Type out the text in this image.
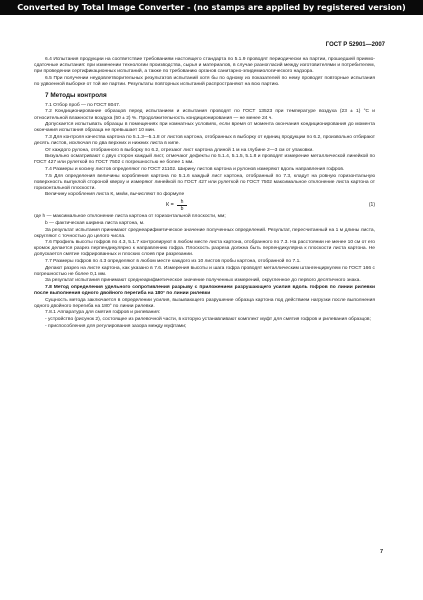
Converted by Total Image Converter - (no stamps are applied by registered version)
ГОСТ Р 52901—2007

6.4 Испытания продукции на соответствие требованиям настоящего стандарта по 5.1.9 проводят периодически на партии, прошедшей приемо-сдаточные испытания: при изменении технологии производства, сырья и материалов, в случае разногласий между изготовителями и потребителем, при проведении сертификационных испытаний, а также по требованию органов санитарно-эпидемиологического надзора.

6.5 При получении неудовлетворительных результатов испытаний хотя бы по одному из показателей по нему проводят повторные испытания по удвоенной выборке от той же партии. Результаты повторных испытаний распространяют на всю партию.

7 Методы контроля

7.1 Отбор проб — по ГОСТ 8047.

7.2 Кондиционирование образцов перед испытанием и испытания проводят по ГОСТ 13523 при температуре воздуха (23 ± 1) °С и относительной влажности воздуха (50 ± 2) %. Продолжительность кондиционирования — не менее 24 ч.

Допускается испытывать образцы в помещениях при комнатных условиях, если время от момента окончания кондиционирования до момента окончания испытания образца не превышает 10 мин.

7.3 Для контроля качества картона по 5.1.3—5.1.8 от листов картона, отобранных в выборку от единиц продукции по 6.2, произвольно отбирают десять листов, исключая по два верхних и нижних листа в кипе.

От каждого рулона, отобранного в выборку по 6.2, отрезают лист картона длиной 1 м на глубине 2—3 см от упаковки.

Визуально осматривают с двух сторон каждый лист, отмечают дефекты по 5.1.4, 5.1.5, 5.1.8 и проводят измерение металлической линейкой по ГОСТ 427 или рулеткой по ГОСТ 7502 с погрешностью не более 1 мм.

7.4 Размеры и косину листов определяют по ГОСТ 21102. Ширину листов картона и рулонов измеряют вдоль направления гофров.

7.5 Для определения величины коробления картона по 5.1.6 каждый лист картона, отобранный по 7.3, кладут на ровную горизонтальную поверхность выпуклой стороной кверху и измеряют линейкой по ГОСТ 427 или рулеткой по ГОСТ 7502 максимальное отклонение листа картона от горизонтальной плоскости.

Величину коробления листа К, мм/м, вычисляют по формуле

$К = \frac{h}{b}$	(1)

где h — максимальное отклонение листа картона от горизонтальной плоскости, мм;

b — фактическая ширина листа картона, м.

За результат испытания принимают среднеарифметическое значение полученных определений. Результат, пересчитанный на 1 м длины листа, округляют с точностью до целого числа.

7.6 Профиль высоты гофров по 4.3, 5.1.7 контролируют в любом месте листа картона, отобранного по 7.3. На расстоянии не менее 10 см от его кромок делается разрез перпендикулярно к направлению гофра. Плоскость разреза должна быть перпендикулярна к плоскости листа картона. Не допускается смятие гофрированных и плоских слоев при разрезании.

7.7 Размеры гофров по 4.3 определяют в любом месте каждого из 10 листов пробы картона, отобранной по 7.1.

Делают разрез на листе картона, как указано в 7.6. Измерения высоты и шага гофра проводят металлическим штангенциркулем по ГОСТ 166 с погрешностью не более 0,1 мм.

За результат испытания принимают среднеарифметическое значение полученных измерений, округленное до первого десятичного знака.

7.8 Метод определения удельного сопротивления разрыву с приложением разрушающего усилия вдоль гофров по линии рилевки после выполнения одного двойного перегиба на 180° по линии рилевки

Сущность метода заключается в определении усилия, вызывающего разрушение образца картона под действием нагрузки после выполнения одного двойного перегиба на 180° по линии рилевки.

7.8.1 Аппаратура для смятия гофров и рилевания:

- устройство (рисунок 2), состоящее из рилевочной части, в которую устанавливают комплект муфт для смятия гофров и рилевания образцов;

- приспособления для регулирования зазора между муфтами;

7
